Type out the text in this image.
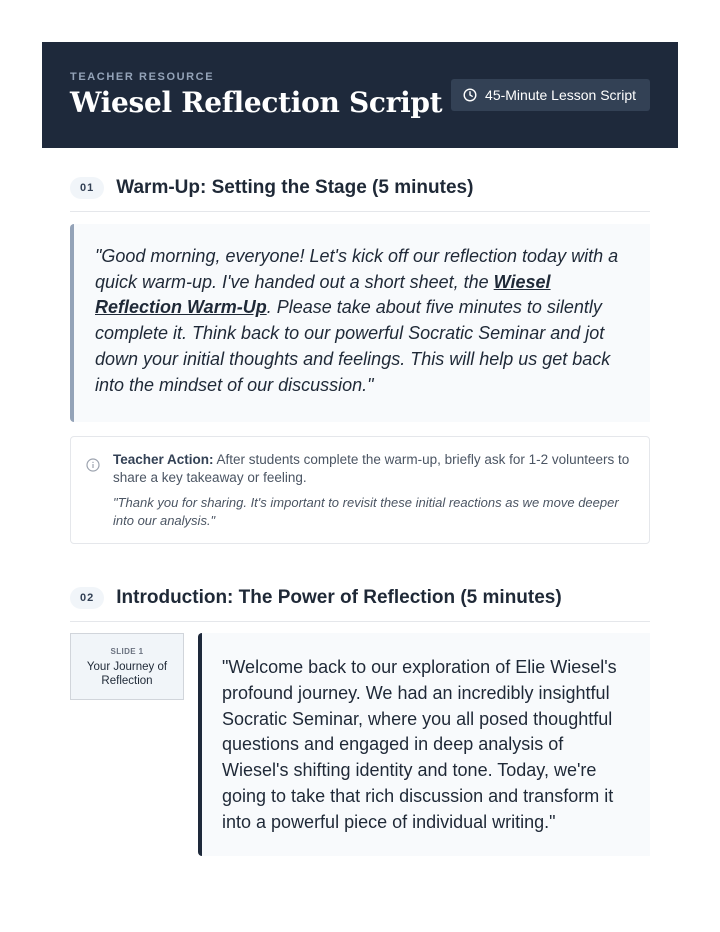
TEACHER RESOURCE
Wiesel Reflection Script	45-Minute Lesson Script
01	Warm-Up: Setting the Stage (5 minutes)
"Good morning, everyone! Let's kick off our reflection today with a quick warm-up. I've handed out a short sheet, the Wiesel Reflection Warm-Up. Please take about five minutes to silently complete it. Think back to our powerful Socratic Seminar and jot down your initial thoughts and feelings. This will help us get back into the mindset of our discussion."
Teacher Action: After students complete the warm-up, briefly ask for 1-2 volunteers to share a key takeaway or feeling.
"Thank you for sharing. It's important to revisit these initial reactions as we move deeper into our analysis."
02	Introduction: The Power of Reflection (5 minutes)
SLIDE 1
Your Journey of Reflection
"Welcome back to our exploration of Elie Wiesel's profound journey. We had an incredibly insightful Socratic Seminar, where you all posed thoughtful questions and engaged in deep analysis of Wiesel's shifting identity and tone. Today, we're going to take that rich discussion and transform it into a powerful piece of individual writing."
